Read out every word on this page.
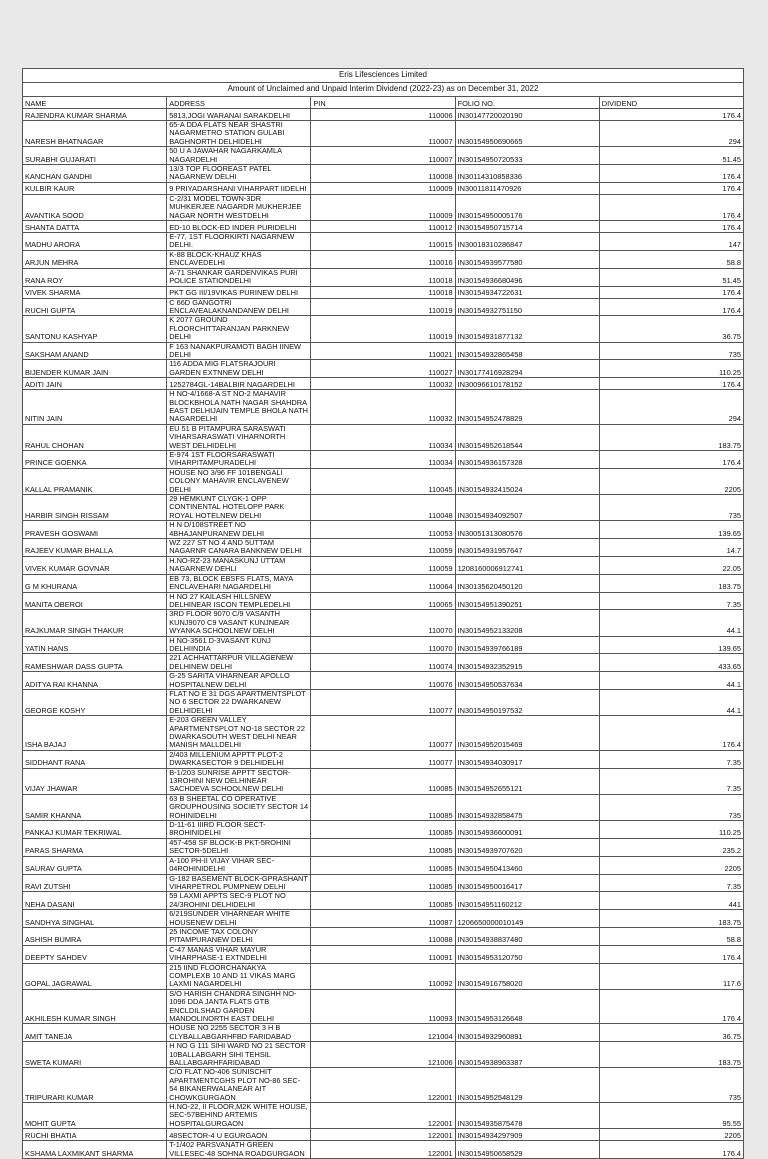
Eris Lifesciences Limited				
Amount of Unclaimed and Unpaid Interim Dividend (2022-23) as on December 31, 2022				
NAME	ADDRESS	PIN	FOLIO NO.	DIVIDEND
RAJENDRA KUMAR SHARMA	5813,JOGI WARANAI SARAKDELHI	110006	IN30147720020190	176.4
NARESH BHATNAGAR	65-A DDA FLATS NEAR SHASTRI NAGARMETRO STATION GULABI BAGHNORTH DELHIDELHI	110007	IN30154950690665	294
SURABHI GUJARATI	50 U A JAWAHAR NAGARKAMLA NAGARDELHI	110007	IN30154950720533	51.45
KANCHAN GANDHI	13/3 TOP FLOOREAST PATEL NAGARNEW DELHI	110008	IN30114310858336	176.4
KULBIR KAUR	9 PRIYADARSHANI VIHARPART IIDELHI	110009	IN30011811470926	176.4
AVANTIKA SOOD	C-2/31 MODEL TOWN-3DR MUHKERJEE NAGARDR MUKHERJEE NAGAR NORTH WESTDELHI	110009	IN30154950005176	176.4
SHANTA DATTA	ED-10 BLOCK-ED INDER PURIDELHI	110012	IN30154950715714	176.4
MADHU ARORA	E-77, 1ST FLOORKIRTI NAGARNEW DELHI.	110015	IN30018310286847	147
ARJUN MEHRA	K-88 BLOCK-KHAUZ KHAS ENCLAVEDELHI	110016	IN30154939577580	58.8
RANA ROY	A-71 SHANKAR GARDENVIKAS PURI POLICE STATIONDELHI	110018	IN30154936680496	51.45
VIVEK SHARMA	PKT GG III/19VIKAS PURINEW DELHI	110018	IN30154934722631	176.4
RUCHI GUPTA	C 66D GANGOTRI ENCLAVEALAKNANDANEW DELHI	110019	IN30154932751150	176.4
SANTONU KASHYAP	K 2077 GROUND FLOORCHITTARANJAN PARKNEW DELHI	110019	IN30154931877132	36.75
SAKSHAM ANAND	F 163 NANAKPURAMOTI BAGH IINEW DELHI	110021	IN30154932865458	735
BIJENDER KUMAR JAIN	116 ADDA MIG FLATSRAJOURI GARDEN EXTNNEW DELHI	110027	IN30177416928294	110.25
ADITI JAIN	1252784GL-14BALBIR NAGARDELHI	110032	IN30096610178152	176.4
NITIN JAIN	H NO-4/1668-A ST NO-2 MAHAVIR BLOCKBHOLA NATH NAGAR SHAHDRA EAST DELHIJAIN TEMPLE BHOLA NATH NAGARDELHI	110032	IN30154952478829	294
RAHUL CHOHAN	EU 51 B PITAMPURA SARASWATI VIHARSARASWATI VIHARNORTH WEST DELHIDELHI	110034	IN30154952618544	183.75
PRINCE GOENKA	E-974 1ST FLOORSARASWATI VIHARPITAMPURADELHI	110034	IN30154936157328	176.4
KALLAL PRAMANIK	HOUSE NO 3/96 FF 101BENGALI COLONY MAHAVIR ENCLAVENEW DELHI	110045	IN30154932415024	2205
HARBIR SINGH RISSAM	29 HEMKUNT CLYGK-1 OPP CONTINENTAL HOTELOPP PARK ROYAL HOTELNEW DELHI	110048	IN30154934092507	735
PRAVESH GOSWAMI	H N D/108STREET NO 4BHAJANPURANEW DELHI	110053	IN30051313080576	139.65
RAJEEV KUMAR BHALLA	WZ 227 ST NO 4 AND 5UTTAM NAGARNR CANARA BANKNEW DELHI	110059	IN30154931957647	14.7
VIVEK KUMAR GOVNAR	H.NO-RZ-23 MANASKUNJ UTTAM NAGARNEW DEHLI	110059	1208160006912741	22.05
G M KHURANA	EB 73, BLOCK EBSFS FLATS, MAYA ENCLAVEHARI NAGARDELHI	110064	IN30135620450120	183.75
MANITA OBEROI	H NO 27 KAILASH HILLSNEW DELHINEAR ISCON TEMPLEDELHI	110065	IN30154951390251	7.35
RAJKUMAR SINGH THAKUR	3RD FLOOR 9070 C/9 VASANTH KUNJ9070 C9 VASANT KUNJNEAR WYANKA SCHOOLNEW DELHI	110070	IN30154952133208	44.1
YATIN HANS	H NO-3561 D-3VASANT KUNJ DELHIINDIA	110070	IN30154939766189	139.65
RAMESHWAR DASS GUPTA	221 ACHHATTARPUR VILLAGENEW DELHINEW DELHI	110074	IN30154932352915	433.65
ADITYA RAI KHANNA	G-25 SARITA VIHARNEAR APOLLO HOSPITALNEW DELHI	110076	IN30154950537634	44.1
GEORGE KOSHY	FLAT NO E 31 DGS APARTMENTSPLOT NO 6 SECTOR 22 DWARKANEW DELHIDELHI	110077	IN30154950197532	44.1
ISHA BAJAJ	E-203 GREEN VALLEY APARTMENTSPLOT NO-18 SECTOR 22 DWARKASOUTH WEST DELHI NEAR MANISH MALLDELHI	110077	IN30154952015469	176.4
SIDDHANT RANA	2/403 MILLENIUM APPTT PLOT-2 DWARKASECTOR 9 DELHIDELHI	110077	IN30154934030917	7.35
VIJAY JHAWAR	B-1/203 SUNRISE APPTT SECTOR-13ROHINI NEW DELHINEAR SACHDEVA SCHOOLNEW DELHI	110085	IN30154952655121	7.35
SAMIR KHANNA	63 B SHEETAL CO OPERATIVE GROUPHOUSING SOCIETY SECTOR 14 ROHINIDELHI	110085	IN30154932858475	735
PANKAJ KUMAR TEKRIWAL	D-11-61 IIIRD FLOOR SECT-8ROHINIDELHI	110085	IN30154936600091	110.25
PARAS SHARMA	457-458 SF BLOCK-B PKT-5ROHINI SECTOR-5DELHI	110085	IN30154939707620	235.2
SAURAV GUPTA	A-100 PH-II VIJAY VIHAR SEC-04ROHINIDELHI	110085	IN30154950413460	2205
RAVI ZUTSHI	G-182 BASEMENT BLOCK-GPRASHANT VIHARPETROL PUMPNEW DELHI	110085	IN30154950016417	7.35
NEHA DASANI	59 LAXMI APPTS SEC-9 PLOT NO 24/3ROHINI DELHIDELHI	110085	IN30154951160212	441
SANDHYA SINGHAL	6/219SUNDER VIHARNEAR WHITE HOUSENEW DELHI	110087	1206650000010149	183.75
ASHISH BUMRA	25 INCOME TAX COLONY PITAMPURANEW DELHI	110088	IN30154938837480	58.8
DEEPTY SAHDEV	C-47 MANAS VIHAR MAYUR VIHARPHASE-1 EXTNDELHI	110091	IN30154953120750	176.4
GOPAL JAGRAWAL	215 IIND FLOORCHANAKYA COMPLEXB 10 AND 11 VIKAS MARG LAXMI NAGARDELHI	110092	IN30154916758020	117.6
AKHILESH KUMAR SINGH	S/O HARISH CHANDRA SINGHH NO-1096 DDA JANTA FLATS GTB ENCLDILSHAD GARDEN MANDOLINORTH EAST DELHI	110093	IN30154953126648	176.4
AMIT TANEJA	HOUSE NO 2255 SECTOR 3 H B CLYBALLABGARHFBD FARIDABAD	121004	IN30154932960891	36.75
SWETA KUMARI	H NO G 111 SIHI WARD NO 21 SECTOR 10BALLABGARH SIHI TEHSIL BALLABGARHFARIDABAD	121006	IN30154938963387	183.75
TRIPURARI KUMAR	C/O FLAT NO-406 SUNISCHIT APARTMENTCGHS PLOT NO-86 SEC-54 BIKANERWALANEAR AIT CHOWKGURGAON	122001	IN30154952548129	735
MOHIT GUPTA	H.NO-22, II FLOOR,M2K WHITE HOUSE, SEC-57BEHIND ARTEMIS HOSPITALGURGAON	122001	IN30154935875478	95.55
RUCHI BHATIA	48SECTOR-4 U EGURGAON	122001	IN30154934297909	2205
KSHAMA LAXMIKANT SHARMA	T-1/402 PARSVANATH GREEN VILLESEC-48 SOHNA ROADGURGAON	122001	IN30154950658529	176.4
